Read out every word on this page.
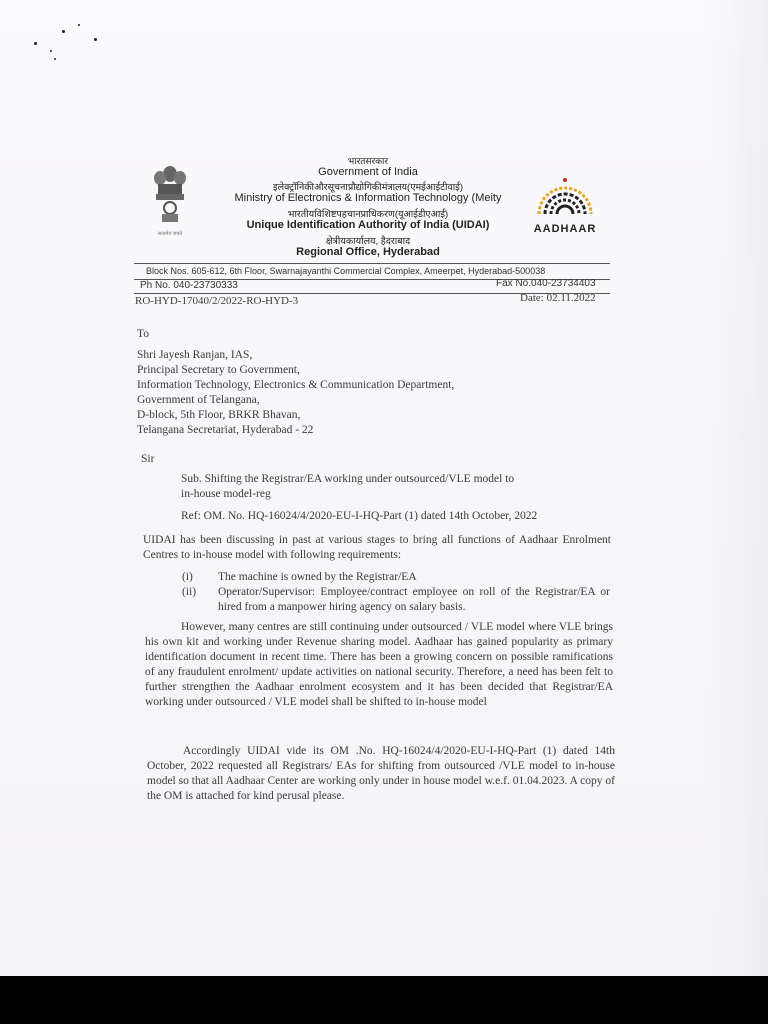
सत्यमेव जयते	AADHAAR
भारतसरकार
Government of India
इलेक्ट्रॉनिकीऔरसूचनाप्रौद्योगिकीमंत्रालय(एमईआईटीवाई)
Ministry of Electronics & Information Technology (Meity
भारतीयविशिष्टपहचानप्राधिकरण(यूआईडीएआई)
Unique Identification Authority of India (UIDAI)
क्षेत्रीयकार्यालय, हैदराबाद
Regional Office, Hyderabad
Block Nos. 605-612, 6th Floor, Swarnajayanthi Commercial Complex, Ameerpet, Hyderabad-500038
Ph No. 040-23730333	Fax No.040-23734403
RO-HYD-17040/2/2022-RO-HYD-3	Date: 02.11.2022
To
Shri Jayesh Ranjan, IAS,
Principal Secretary to Government,
Information Technology, Electronics & Communication Department,
Government of Telangana,
D-block, 5th Floor, BRKR Bhavan,
Telangana Secretariat, Hyderabad - 22
Sir
Sub. Shifting the Registrar/EA working under outsourced/VLE model to
in-house model-reg
Ref: OM. No. HQ-16024/4/2020-EU-I-HQ-Part (1) dated 14th October, 2022
UIDAI has been discussing in past at various stages to bring all functions of Aadhaar Enrolment Centres to in-house model with following requirements:
(i) The machine is owned by the Registrar/EA
(ii) Operator/Supervisor: Employee/contract employee on roll of the Registrar/EA or hired from a manpower hiring agency on salary basis.
However, many centres are still continuing under outsourced / VLE model where VLE brings his own kit and working under Revenue sharing model. Aadhaar has gained popularity as primary identification document in recent time. There has been a growing concern on possible ramifications of any fraudulent enrolment/ update activities on national security. Therefore, a need has been felt to further strengthen the Aadhaar enrolment ecosystem and it has been decided that Registrar/EA working under outsourced / VLE model shall be shifted to in-house model
Accordingly UIDAI vide its OM .No. HQ-16024/4/2020-EU-I-HQ-Part (1) dated 14th October, 2022 requested all Registrars/ EAs for shifting from outsourced /VLE model to in-house model so that all Aadhaar Center are working only under in house model w.e.f. 01.04.2023. A copy of the OM is attached for kind perusal please.
